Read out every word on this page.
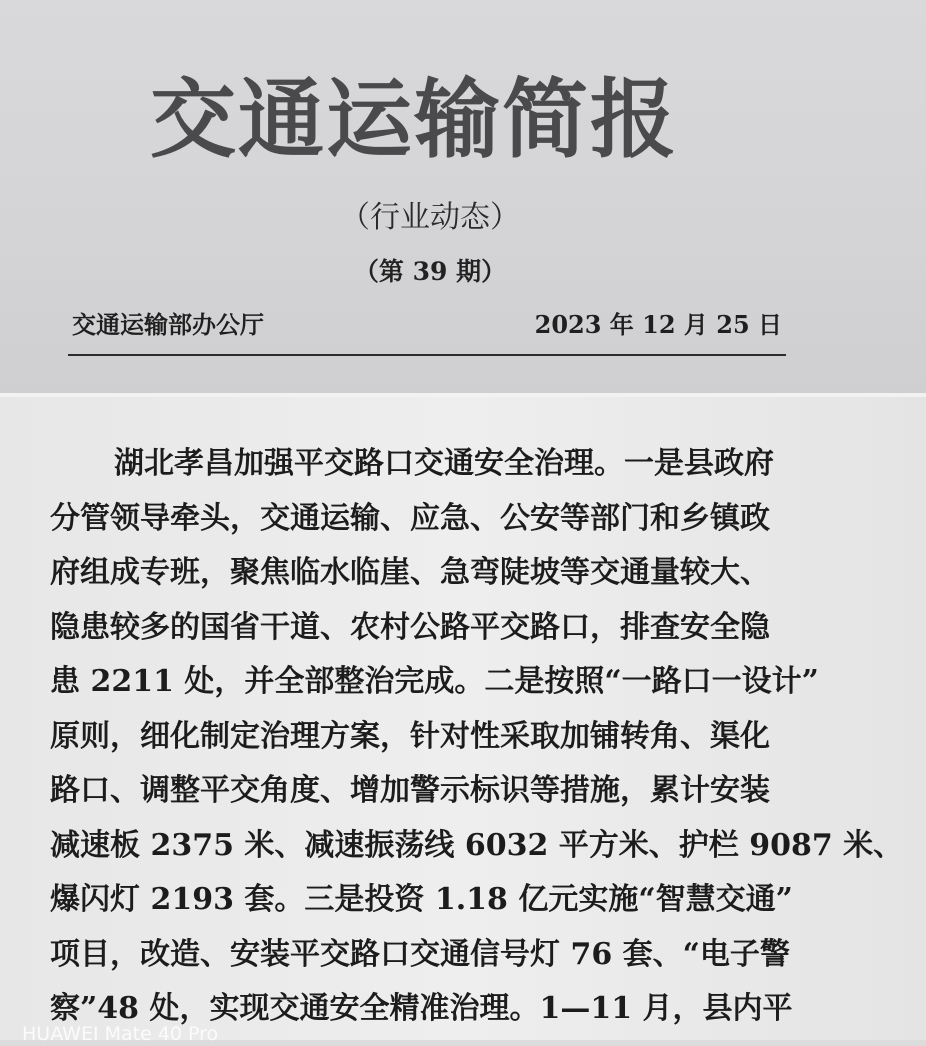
交通运输简报
（行业动态）
（第 39 期）
交通运输部办公厅	2023 年 12 月 25 日

湖北孝昌加强平交路口交通安全治理。一是县政府

分管领导牵头，交通运输、应急、公安等部门和乡镇政

府组成专班，聚焦临水临崖、急弯陡坡等交通量较大、

隐患较多的国省干道、农村公路平交路口，排查安全隐

患 2211 处，并全部整治完成。二是按照“一路口一设计”

原则，细化制定治理方案，针对性采取加铺转角、渠化

路口、调整平交角度、增加警示标识等措施，累计安装

减速板 2375 米、减速振荡线 6032 平方米、护栏 9087 米、

爆闪灯 2193 套。三是投资 1.18 亿元实施“智慧交通”

项目，改造、安装平交路口交通信号灯 76 套、“电子警

察”48 处，实现交通安全精准治理。1—11 月，县内平

HUAWEI Mate 40 Pro
